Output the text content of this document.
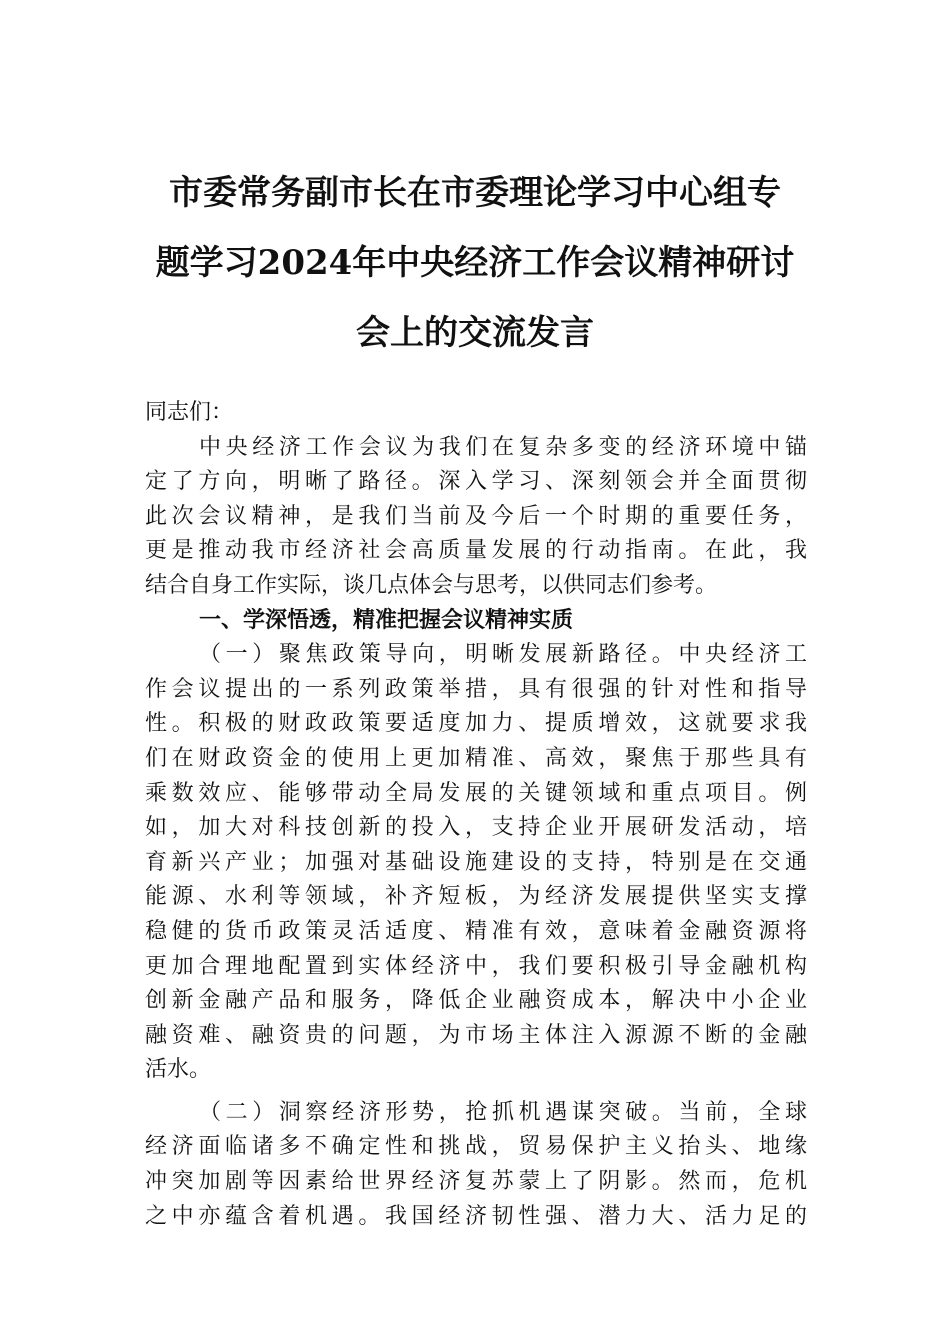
市委常务副市长在市委理论学习中心组专
题学习2024年中央经济工作会议精神研讨
会上的交流发言
同志们：
中央经济工作会议为我们在复杂多变的经济环境中锚
定了方向，明晰了路径。深入学习、深刻领会并全面贯彻
此次会议精神，是我们当前及今后一个时期的重要任务，
更是推动我市经济社会高质量发展的行动指南。在此，我
结合自身工作实际，谈几点体会与思考，以供同志们参考。
一、学深悟透，精准把握会议精神实质
（一）聚焦政策导向，明晰发展新路径。中央经济工
作会议提出的一系列政策举措，具有很强的针对性和指导
性。积极的财政政策要适度加力、提质增效，这就要求我
们在财政资金的使用上更加精准、高效，聚焦于那些具有
乘数效应、能够带动全局发展的关键领域和重点项目。例
如，加大对科技创新的投入，支持企业开展研发活动，培
育新兴产业；加强对基础设施建设的支持，特别是在交通
能源、水利等领域，补齐短板，为经济发展提供坚实支撑
稳健的货币政策灵活适度、精准有效，意味着金融资源将
更加合理地配置到实体经济中，我们要积极引导金融机构
创新金融产品和服务，降低企业融资成本，解决中小企业
融资难、融资贵的问题，为市场主体注入源源不断的金融
活水。
（二）洞察经济形势，抢抓机遇谋突破。当前，全球
经济面临诸多不确定性和挑战，贸易保护主义抬头、地缘
冲突加剧等因素给世界经济复苏蒙上了阴影。然而，危机
之中亦蕴含着机遇。我国经济韧性强、潜力大、活力足的
